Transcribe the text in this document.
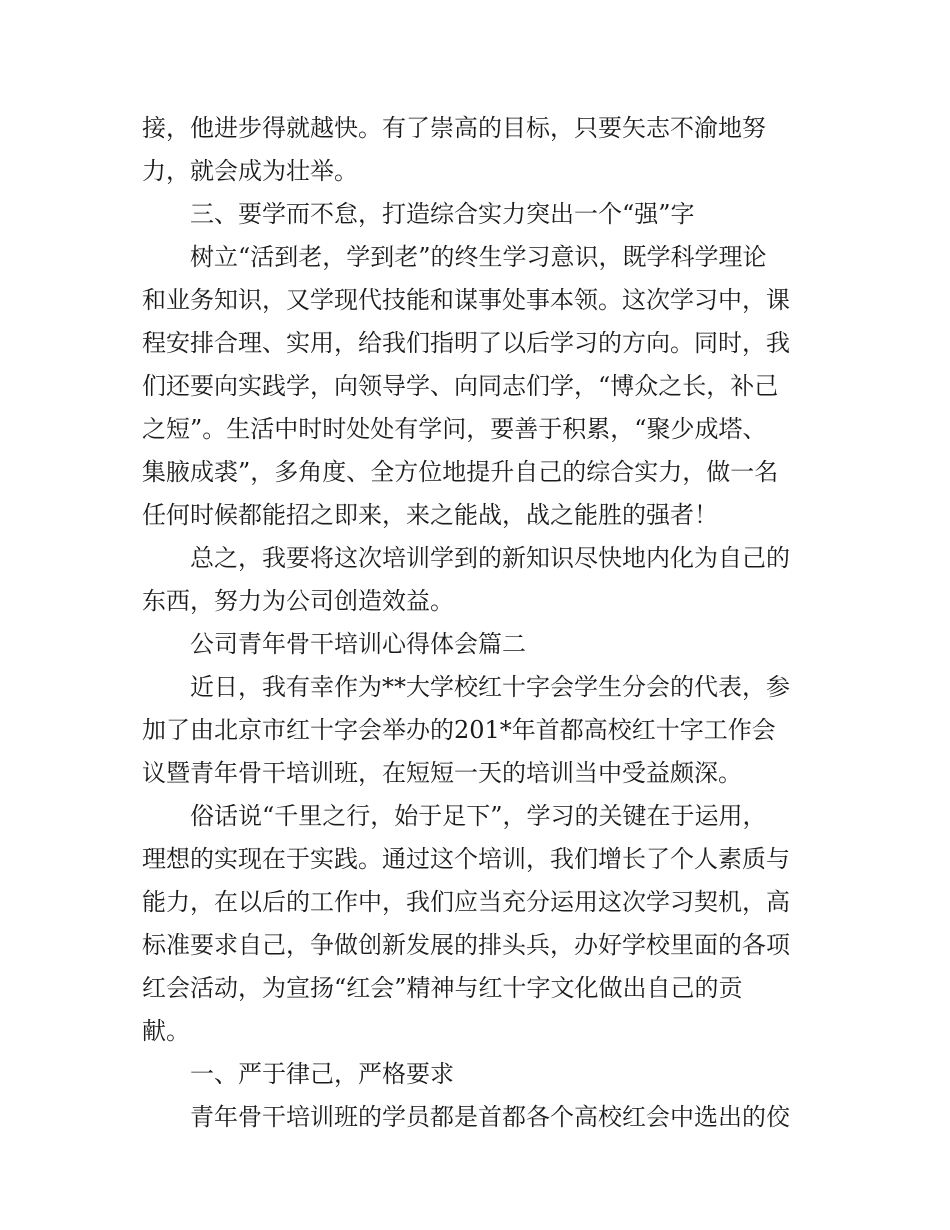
接，他进步得就越快。有了崇高的目标，只要矢志不渝地努
力，就会成为壮举。
三、要学而不怠，打造综合实力突出一个“强”字
树立“活到老，学到老”的终生学习意识，既学科学理论
和业务知识，又学现代技能和谋事处事本领。这次学习中，课
程安排合理、实用，给我们指明了以后学习的方向。同时，我
们还要向实践学，向领导学、向同志们学，“博众之长，补己
之短”。生活中时时处处有学问，要善于积累，“聚少成塔、
集腋成裘”，多角度、全方位地提升自己的综合实力，做一名
任何时候都能招之即来，来之能战，战之能胜的强者！
总之，我要将这次培训学到的新知识尽快地内化为自己的
东西，努力为公司创造效益。
公司青年骨干培训心得体会篇二
近日，我有幸作为**大学校红十字会学生分会的代表，参
加了由北京市红十字会举办的201*年首都高校红十字工作会
议暨青年骨干培训班，在短短一天的培训当中受益颇深。
俗话说“千里之行，始于足下”，学习的关键在于运用，
理想的实现在于实践。通过这个培训，我们增长了个人素质与
能力，在以后的工作中，我们应当充分运用这次学习契机，高
标准要求自己，争做创新发展的排头兵，办好学校里面的各项
红会活动，为宣扬“红会”精神与红十字文化做出自己的贡
献。
一、严于律己，严格要求
青年骨干培训班的学员都是首都各个高校红会中选出的佼
